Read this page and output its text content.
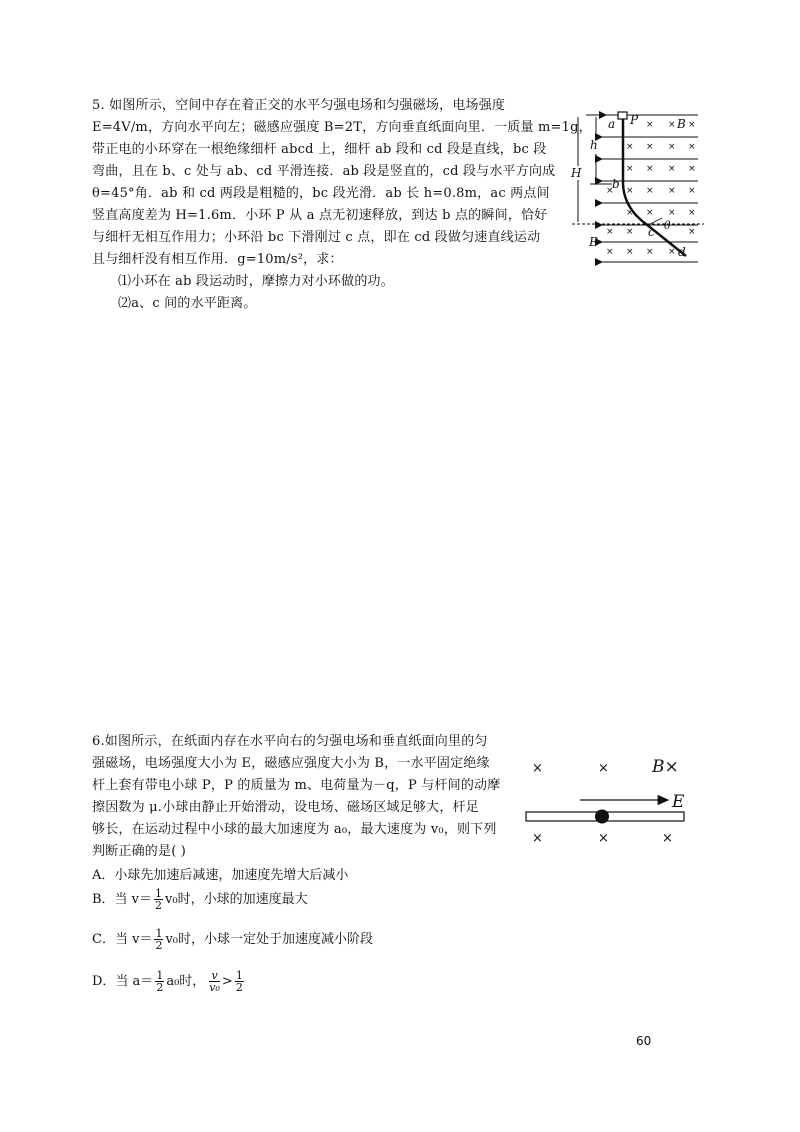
5. 如图所示，空间中存在着正交的水平匀强电场和匀强磁场，电场强度
E=4V/m，方向水平向左；磁感应强度 B=2T，方向垂直纸面向里．一质量 m=1g，
带正电的小环穿在一根绝缘细杆 abcd 上，细杆 ab 段和 cd 段是直线，bc 段
弯曲，且在 b、c 处与 ab、cd 平滑连接．ab 段是竖直的，cd 段与水平方向成
θ=45°角．ab 和 cd 两段是粗糙的，bc 段光滑．ab 长 h=0.8m，ac 两点间
竖直高度差为 H=1.6m．小环 P 从 a 点无初速释放，到达 b 点的瞬间，恰好
与细杆无相互作用力；小环沿 bc 下滑刚过 c 点，即在 cd 段做匀速直线运动
且与细杆没有相互作用．g=10m/s²，求：
⑴小环在 ab 段运动时，摩擦力对小环做的功。
⑵a、c 间的水平距离。
× × ×
× × × ×
× × × ×
× × × × ×
× × × ×
× ×	×
× × × ×
a P	B
h
H
b
c θ
E
d
6.如图所示，在纸面内存在水平向右的匀强电场和垂直纸面向里的匀
强磁场，电场强度大小为 E，磁感应强度大小为 B，一水平固定绝缘
杆上套有带电小球 P，P 的质量为 m、电荷量为－q，P 与杆间的动摩
擦因数为 μ.小球由静止开始滑动，设电场、磁场区域足够大，杆足
够长，在运动过程中小球的最大加速度为 a₀，最大速度为 v₀，则下列
判断正确的是( )
A．小球先加速后减速，加速度先增大后减小
B．当 $v= \frac{1}{2} v_0$时，小球的加速度最大
C．当 $v= \frac{1}{2} v_0$时，小球一定处于加速度减小阶段
D．当 $a= \frac{1}{2} a_0$时， $\frac{v}{\text{v₀}} > \frac{1}{2}$
×	×
×	×	×
B×
E
60
